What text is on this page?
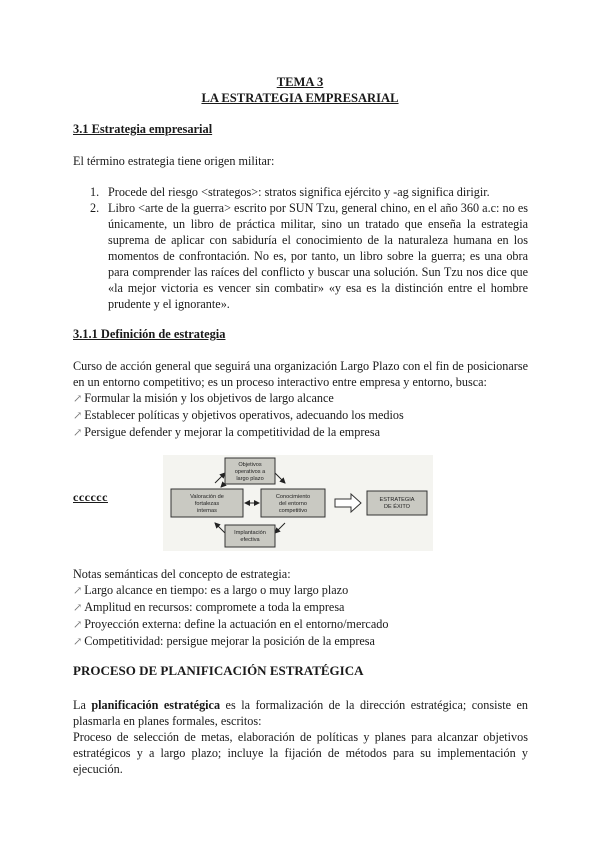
TEMA 3
LA ESTRATEGIA EMPRESARIAL
3.1 Estrategia empresarial
El término estrategia tiene origen militar:
1. Procede del riesgo <strategos>: stratos significa ejército y -ag significa dirigir.
2. Libro <arte de la guerra> escrito por SUN Tzu, general chino, en el año 360 a.c: no es únicamente, un libro de práctica militar, sino un tratado que enseña la estrategia suprema de aplicar con sabiduría el conocimiento de la naturaleza humana en los momentos de confrontación. No es, por tanto, un libro sobre la guerra; es una obra para comprender las raíces del conflicto y buscar una solución. Sun Tzu nos dice que «la mejor victoria es vencer sin combatir» «y esa es la distinción entre el hombre prudente y el ignorante».
3.1.1 Definición de estrategia
Curso de acción general que seguirá una organización Largo Plazo con el fin de posicionarse en un entorno competitivo; es un proceso interactivo entre empresa y entorno, busca:
↗ Formular la misión y los objetivos de largo alcance
↗ Establecer políticas y objetivos operativos, adecuando los medios
↗ Persigue defender y mejorar la competitividad de la empresa
cccccc
Objetivos
operativos a
largo plazo
Valoración de
fortalezas
internas
Conocimiento
del entorno
competitivo
Implantación
efectiva
ESTRATEGIA
DE ÉXITO
Notas semánticas del concepto de estrategia:
↗ Largo alcance en tiempo: es a largo o muy largo plazo
↗ Amplitud en recursos: compromete a toda la empresa
↗ Proyección externa: define la actuación en el entorno/mercado
↗ Competitividad: persigue mejorar la posición de la empresa
PROCESO DE PLANIFICACIÓN ESTRATÉGICA
La planificación estratégica es la formalización de la dirección estratégica; consiste en plasmarla en planes formales, escritos:
Proceso de selección de metas, elaboración de políticas y planes para alcanzar objetivos estratégicos y a largo plazo; incluye la fijación de métodos para su implementación y ejecución.
